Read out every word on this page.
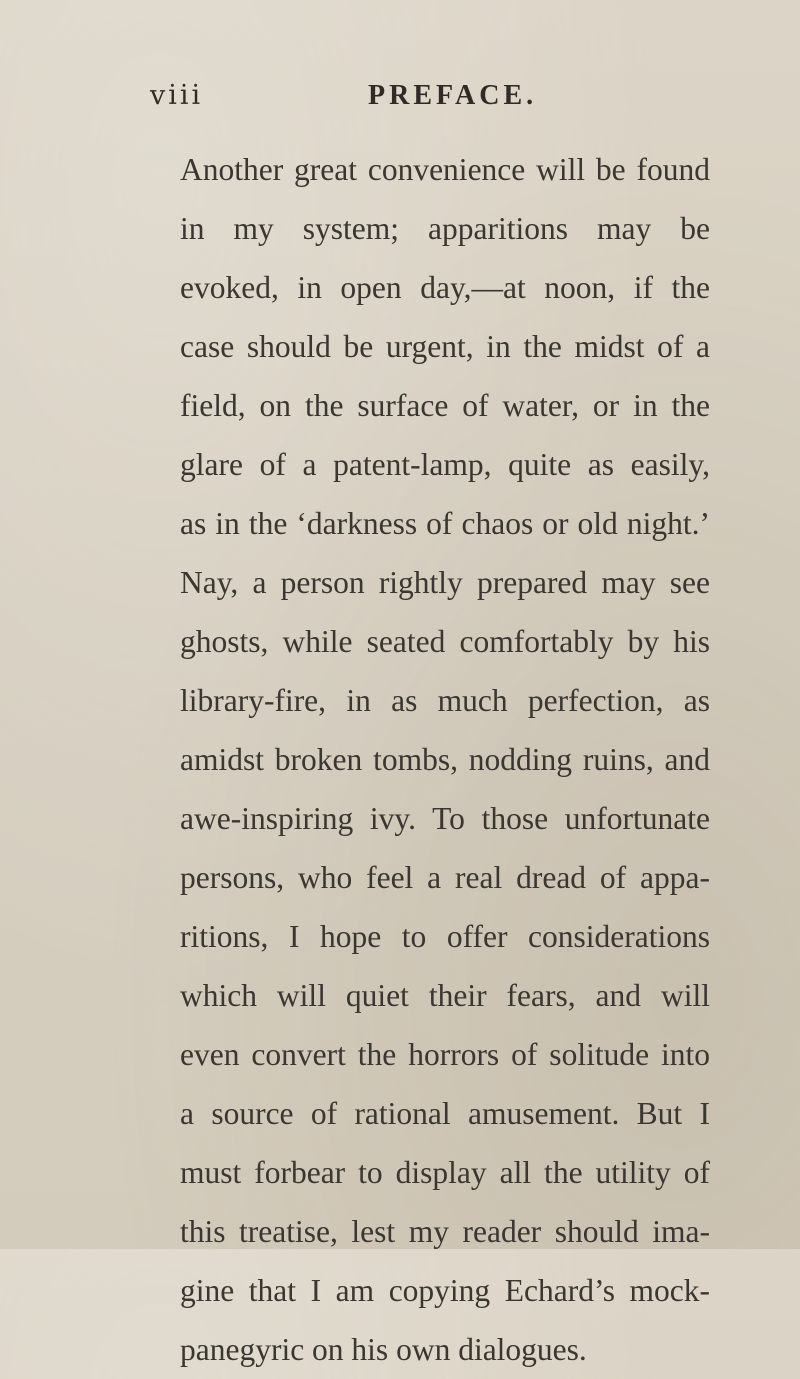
viii	PREFACE.
Another great convenience will be found
in my system; apparitions may be
evoked, in open day,—at noon, if the
case should be urgent, in the midst of a
field, on the surface of water, or in the
glare of a patent-lamp, quite as easily,
as in the ‘darkness of chaos or old night.’
Nay, a person rightly prepared may see
ghosts, while seated comfortably by his
library-fire, in as much perfection, as
amidst broken tombs, nodding ruins, and
awe-inspiring ivy. To those unfortunate
persons, who feel a real dread of appa-
ritions, I hope to offer considerations
which will quiet their fears, and will
even convert the horrors of solitude into
a source of rational amusement. But I
must forbear to display all the utility of
this treatise, lest my reader should ima-
gine that I am copying Echard’s mock-
panegyric on his own dialogues.
